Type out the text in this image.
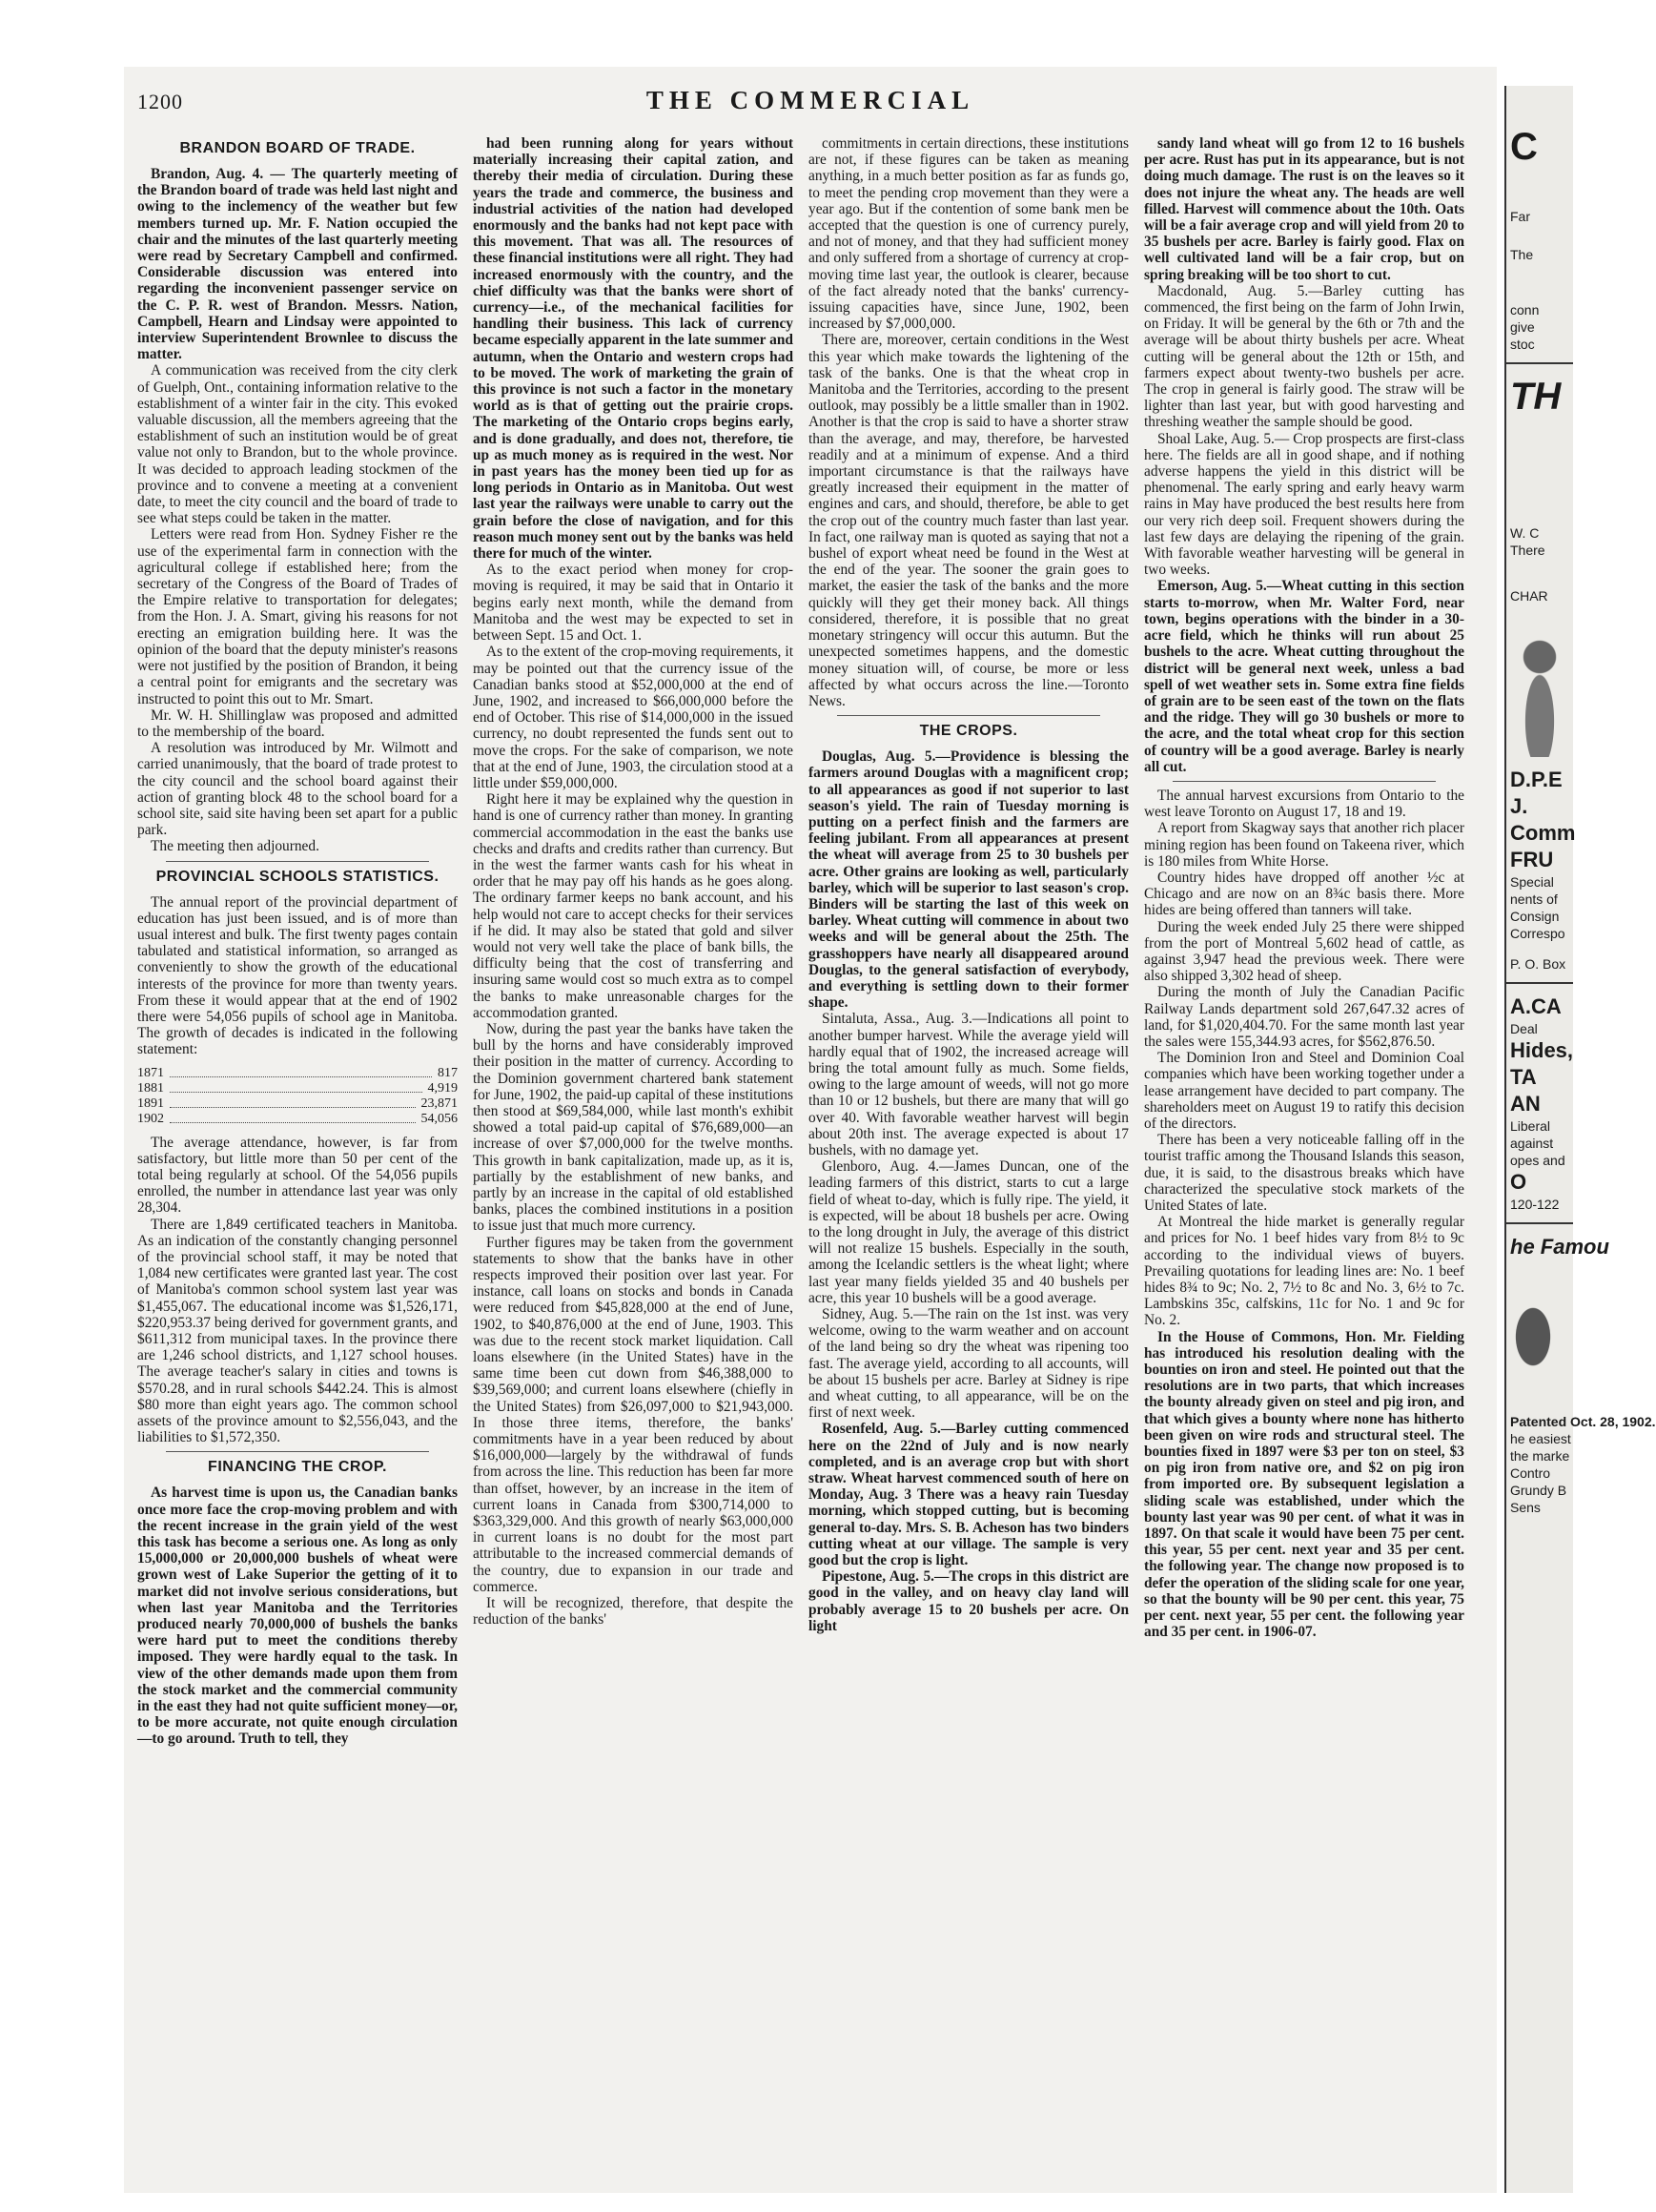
1200	THE COMMERCIAL
BRANDON BOARD OF TRADE.

Brandon, Aug. 4. — The quarterly meeting of the Brandon board of trade was held last night and owing to the inclemency of the weather but few members turned up. Mr. F. Nation occupied the chair and the minutes of the last quarterly meeting were read by Secretary Campbell and confirmed. Considerable discussion was entered into regarding the inconvenient passenger service on the C. P. R. west of Brandon. Messrs. Nation, Campbell, Hearn and Lindsay were appointed to interview Superintendent Brownlee to discuss the matter.

A communication was received from the city clerk of Guelph, Ont., containing information relative to the establishment of a winter fair in the city. This evoked valuable discussion, all the members agreeing that the establishment of such an institution would be of great value not only to Brandon, but to the whole province. It was decided to approach leading stockmen of the province and to convene a meeting at a convenient date, to meet the city council and the board of trade to see what steps could be taken in the matter.

Letters were read from Hon. Sydney Fisher re the use of the experimental farm in connection with the agricultural college if established here; from the secretary of the Congress of the Board of Trades of the Empire relative to transportation for delegates; from the Hon. J. A. Smart, giving his reasons for not erecting an emigration building here. It was the opinion of the board that the deputy minister's reasons were not justified by the position of Brandon, it being a central point for emigrants and the secretary was instructed to point this out to Mr. Smart.

Mr. W. H. Shillinglaw was proposed and admitted to the membership of the board.

A resolution was introduced by Mr. Wilmott and carried unanimously, that the board of trade protest to the city council and the school board against their action of granting block 48 to the school board for a school site, said site having been set apart for a public park.

The meeting then adjourned.

PROVINCIAL SCHOOLS STATISTICS.

The annual report of the provincial department of education has just been issued, and is of more than usual interest and bulk. The first twenty pages contain tabulated and statistical information, so arranged as conveniently to show the growth of the educational interests of the province for more than twenty years. From these it would appear that at the end of 1902 there were 54,056 pupils of school age in Manitoba. The growth of decades is indicated in the following statement:

1871	817
1881	4,919
1891	23,871
1902	54,056

The average attendance, however, is far from satisfactory, but little more than 50 per cent of the total being regularly at school. Of the 54,056 pupils enrolled, the number in attendance last year was only 28,304.

There are 1,849 certificated teachers in Manitoba. As an indication of the constantly changing personnel of the provincial school staff, it may be noted that 1,084 new certificates were granted last year. The cost of Manitoba's common school system last year was $1,455,067. The educational income was $1,526,171, $220,953.37 being derived for government grants, and $611,312 from municipal taxes. In the province there are 1,246 school districts, and 1,127 school houses. The average teacher's salary in cities and towns is $570.28, and in rural schools $442.24. This is almost $80 more than eight years ago. The common school assets of the province amount to $2,556,043, and the liabilities to $1,572,350.

FINANCING THE CROP.

As harvest time is upon us, the Canadian banks once more face the crop-moving problem and with the recent increase in the grain yield of the west this task has become a serious one. As long as only 15,000,000 or 20,000,000 bushels of wheat were grown west of Lake Superior the getting of it to market did not involve serious considerations, but when last year Manitoba and the Territories produced nearly 70,000,000 of bushels the banks were hard put to meet the conditions thereby imposed. They were hardly equal to the task. In view of the other demands made upon them from the stock market and the commercial community in the east they had not quite sufficient money—or, to be more accurate, not quite enough circulation—to go around. Truth to tell, they

had been running along for years without materially increasing their capital zation, and thereby their media of circulation. During these years the trade and commerce, the business and industrial activities of the nation had developed enormously and the banks had not kept pace with this movement. That was all. The resources of these financial institutions were all right. They had increased enormously with the country, and the chief difficulty was that the banks were short of currency—i.e., of the mechanical facilities for handling their business. This lack of currency became especially apparent in the late summer and autumn, when the Ontario and western crops had to be moved. The work of marketing the grain of this province is not such a factor in the monetary world as is that of getting out the prairie crops. The marketing of the Ontario crops begins early, and is done gradually, and does not, therefore, tie up as much money as is required in the west. Nor in past years has the money been tied up for as long periods in Ontario as in Manitoba. Out west last year the railways were unable to carry out the grain before the close of navigation, and for this reason much money sent out by the banks was held there for much of the winter.

As to the exact period when money for crop-moving is required, it may be said that in Ontario it begins early next month, while the demand from Manitoba and the west may be expected to set in between Sept. 15 and Oct. 1.

As to the extent of the crop-moving requirements, it may be pointed out that the currency issue of the Canadian banks stood at $52,000,000 at the end of June, 1902, and increased to $66,000,000 before the end of October. This rise of $14,000,000 in the issued currency, no doubt represented the funds sent out to move the crops. For the sake of comparison, we note that at the end of June, 1903, the circulation stood at a little under $59,000,000.

Right here it may be explained why the question in hand is one of currency rather than money. In granting commercial accommodation in the east the banks use checks and drafts and credits rather than currency. But in the west the farmer wants cash for his wheat in order that he may pay off his hands as he goes along. The ordinary farmer keeps no bank account, and his help would not care to accept checks for their services if he did. It may also be stated that gold and silver would not very well take the place of bank bills, the difficulty being that the cost of transferring and insuring same would cost so much extra as to compel the banks to make unreasonable charges for the accommodation granted.

Now, during the past year the banks have taken the bull by the horns and have considerably improved their position in the matter of currency. According to the Dominion government chartered bank statement for June, 1902, the paid-up capital of these institutions then stood at $69,584,000, while last month's exhibit showed a total paid-up capital of $76,689,000—an increase of over $7,000,000 for the twelve months. This growth in bank capitalization, made up, as it is, partially by the establishment of new banks, and partly by an increase in the capital of old established banks, places the combined institutions in a position to issue just that much more currency.

Further figures may be taken from the government statements to show that the banks have in other respects improved their position over last year. For instance, call loans on stocks and bonds in Canada were reduced from $45,828,000 at the end of June, 1902, to $40,876,000 at the end of June, 1903. This was due to the recent stock market liquidation. Call loans elsewhere (in the United States) have in the same time been cut down from $46,388,000 to $39,569,000; and current loans elsewhere (chiefly in the United States) from $26,097,000 to $21,943,000. In those three items, therefore, the banks' commitments have in a year been reduced by about $16,000,000—largely by the withdrawal of funds from across the line. This reduction has been far more than offset, however, by an increase in the item of current loans in Canada from $300,714,000 to $363,329,000. And this growth of nearly $63,000,000 in current loans is no doubt for the most part attributable to the increased commercial demands of the country, due to expansion in our trade and commerce.

It will be recognized, therefore, that despite the reduction of the banks'

commitments in certain directions, these institutions are not, if these figures can be taken as meaning anything, in a much better position as far as funds go, to meet the pending crop movement than they were a year ago. But if the contention of some bank men be accepted that the question is one of currency purely, and not of money, and that they had sufficient money and only suffered from a shortage of currency at crop-moving time last year, the outlook is clearer, because of the fact already noted that the banks' currency-issuing capacities have, since June, 1902, been increased by $7,000,000.

There are, moreover, certain conditions in the West this year which make towards the lightening of the task of the banks. One is that the wheat crop in Manitoba and the Territories, according to the present outlook, may possibly be a little smaller than in 1902. Another is that the crop is said to have a shorter straw than the average, and may, therefore, be harvested readily and at a minimum of expense. And a third important circumstance is that the railways have greatly increased their equipment in the matter of engines and cars, and should, therefore, be able to get the crop out of the country much faster than last year. In fact, one railway man is quoted as saying that not a bushel of export wheat need be found in the West at the end of the year. The sooner the grain goes to market, the easier the task of the banks and the more quickly will they get their money back. All things considered, therefore, it is possible that no great monetary stringency will occur this autumn. But the unexpected sometimes happens, and the domestic money situation will, of course, be more or less affected by what occurs across the line.—Toronto News.

THE CROPS.

Douglas, Aug. 5.—Providence is blessing the farmers around Douglas with a magnificent crop; to all appearances as good if not superior to last season's yield. The rain of Tuesday morning is putting on a perfect finish and the farmers are feeling jubilant. From all appearances at present the wheat will average from 25 to 30 bushels per acre. Other grains are looking as well, particularly barley, which will be superior to last season's crop. Binders will be starting the last of this week on barley. Wheat cutting will commence in about two weeks and will be general about the 25th. The grasshoppers have nearly all disappeared around Douglas, to the general satisfaction of everybody, and everything is settling down to their former shape.

Sintaluta, Assa., Aug. 3.—Indications all point to another bumper harvest. While the average yield will hardly equal that of 1902, the increased acreage will bring the total amount fully as much. Some fields, owing to the large amount of weeds, will not go more than 10 or 12 bushels, but there are many that will go over 40. With favorable weather harvest will begin about 20th inst. The average expected is about 17 bushels, with no damage yet.

Glenboro, Aug. 4.—James Duncan, one of the leading farmers of this district, starts to cut a large field of wheat to-day, which is fully ripe. The yield, it is expected, will be about 18 bushels per acre. Owing to the long drought in July, the average of this district will not realize 15 bushels. Especially in the south, among the Icelandic settlers is the wheat light; where last year many fields yielded 35 and 40 bushels per acre, this year 10 bushels will be a good average.

Sidney, Aug. 5.—The rain on the 1st inst. was very welcome, owing to the warm weather and on account of the land being so dry the wheat was ripening too fast. The average yield, according to all accounts, will be about 15 bushels per acre. Barley at Sidney is ripe and wheat cutting, to all appearance, will be on the first of next week.

Rosenfeld, Aug. 5.—Barley cutting commenced here on the 22nd of July and is now nearly completed, and is an average crop but with short straw. Wheat harvest commenced south of here on Monday, Aug. 3 There was a heavy rain Tuesday morning, which stopped cutting, but is becoming general to-day. Mrs. S. B. Acheson has two binders cutting wheat at our village. The sample is very good but the crop is light.

Pipestone, Aug. 5.—The crops in this district are good in the valley, and on heavy clay land will probably average 15 to 20 bushels per acre. On light

sandy land wheat will go from 12 to 16 bushels per acre. Rust has put in its appearance, but is not doing much damage. The rust is on the leaves so it does not injure the wheat any. The heads are well filled. Harvest will commence about the 10th. Oats will be a fair average crop and will yield from 20 to 35 bushels per acre. Barley is fairly good. Flax on well cultivated land will be a fair crop, but on spring breaking will be too short to cut.

Macdonald, Aug. 5.—Barley cutting has commenced, the first being on the farm of John Irwin, on Friday. It will be general by the 6th or 7th and the average will be about thirty bushels per acre. Wheat cutting will be general about the 12th or 15th, and farmers expect about twenty-two bushels per acre. The crop in general is fairly good. The straw will be lighter than last year, but with good harvesting and threshing weather the sample should be good.

Shoal Lake, Aug. 5.— Crop prospects are first-class here. The fields are all in good shape, and if nothing adverse happens the yield in this district will be phenomenal. The early spring and early heavy warm rains in May have produced the best results here from our very rich deep soil. Frequent showers during the last few days are delaying the ripening of the grain. With favorable weather harvesting will be general in two weeks.

Emerson, Aug. 5.—Wheat cutting in this section starts to-morrow, when Mr. Walter Ford, near town, begins operations with the binder in a 30-acre field, which he thinks will run about 25 bushels to the acre. Wheat cutting throughout the district will be general next week, unless a bad spell of wet weather sets in. Some extra fine fields of grain are to be seen east of the town on the flats and the ridge. They will go 30 bushels or more to the acre, and the total wheat crop for this section of country will be a good average. Barley is nearly all cut.

The annual harvest excursions from Ontario to the west leave Toronto on August 17, 18 and 19.

A report from Skagway says that another rich placer mining region has been found on Takeena river, which is 180 miles from White Horse.

Country hides have dropped off another ½c at Chicago and are now on an 8¾c basis there. More hides are being offered than tanners will take.

During the week ended July 25 there were shipped from the port of Montreal 5,602 head of cattle, as against 3,947 head the previous week. There were also shipped 3,302 head of sheep.

During the month of July the Canadian Pacific Railway Lands department sold 267,647.32 acres of land, for $1,020,404.70. For the same month last year the sales were 155,344.93 acres, for $562,876.50.

The Dominion Iron and Steel and Dominion Coal companies which have been working together under a lease arrangement have decided to part company. The shareholders meet on August 19 to ratify this decision of the directors.

There has been a very noticeable falling off in the tourist traffic among the Thousand Islands this season, due, it is said, to the disastrous breaks which have characterized the speculative stock markets of the United States of late.

At Montreal the hide market is generally regular and prices for No. 1 beef hides vary from 8½ to 9c according to the individual views of buyers. Prevailing quotations for leading lines are: No. 1 beef hides 8¾ to 9c; No. 2, 7½ to 8c and No. 3, 6½ to 7c. Lambskins 35c, calfskins, 11c for No. 1 and 9c for No. 2.

In the House of Commons, Hon. Mr. Fielding has introduced his resolution dealing with the bounties on iron and steel. He pointed out that the resolutions are in two parts, that which increases the bounty already given on steel and pig iron, and that which gives a bounty where none has hitherto been given on wire rods and structural steel. The bounties fixed in 1897 were $3 per ton on steel, $3 on pig iron from native ore, and $2 on pig iron from imported ore. By subsequent legislation a sliding scale was established, under which the bounty last year was 90 per cent. of what it was in 1897. On that scale it would have been 75 per cent. this year, 55 per cent. next year and 35 per cent. the following year. The change now proposed is to defer the operation of the sliding scale for one year, so that the bounty will be 90 per cent. this year, 75 per cent. next year, 55 per cent. the following year and 35 per cent. in 1906-07.

C
Far
The
conn
give
stoc
TH
W. C
There
CHAR
D.P.E
J.
Comm
FRU
Special
nents of
Consign
Correspo
P. O. Box
A.CA
Deal
Hides,
TA
AN
Liberal
against
opes and
O
120-122
he Famou
Patented Oct. 28, 1902.
he easiest
the marke
Contro
Grundy B
Sens
